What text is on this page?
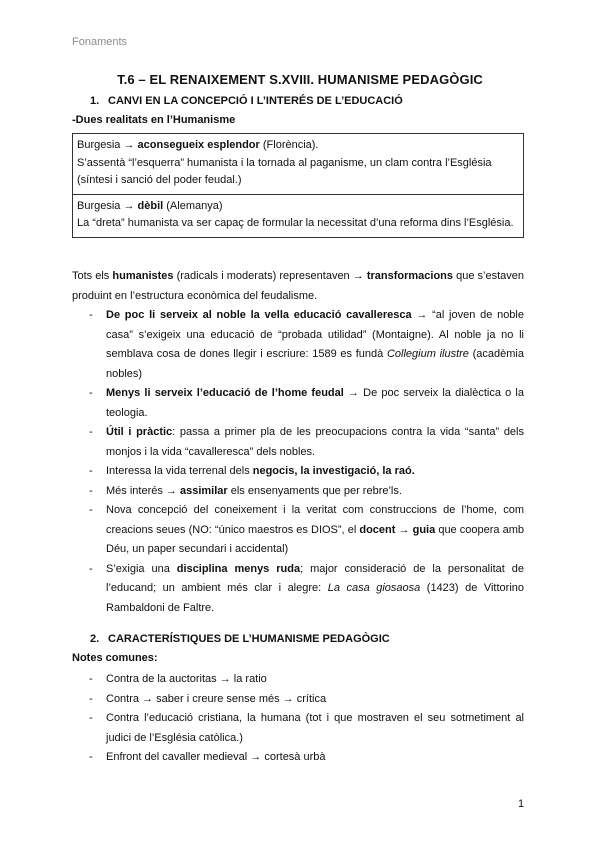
Fonaments
T.6 – EL RENAIXEMENT S.XVIII. HUMANISME PEDAGÒGIC
1. CANVI EN LA CONCEPCIÓ I L’INTERÉS DE L’EDUCACIÓ
-Dues realitats en l’Humanisme
Burgesia → aconsegueix esplendor (Florència).
S’assentà “l’esquerra” humanista i la tornada al paganisme, un clam contra l’Església (síntesi i sanció del poder feudal.)
Burgesia → dèbil (Alemanya)
La “dreta” humanista va ser capaç de formular la necessitat d’una reforma dins l’Església.
Tots els humanistes (radicals i moderats) representaven → transformacions que s’estaven produint en l’estructura econòmica del feudalisme.
- De poc li serveix al noble la vella educació cavalleresca → “al joven de noble casa” s’exigeix una educació de “probada utilidad” (Montaigne). Al noble ja no li semblava cosa de dones llegir i escriure: 1589 es fundà Collegium ilustre (acadèmia nobles)
- Menys li serveix l’educació de l’home feudal → De poc serveix la dialèctica o la teologia.
- Útil i pràctic: passa a primer pla de les preocupacions contra la vida “santa” dels monjos i la vida “cavalleresca” dels nobles.
- Interessa la vida terrenal dels negocis, la investigació, la raó.
- Més interés → assimilar els ensenyaments que per rebre’ls.
- Nova concepció del coneixement i la veritat com construccions de l’home, com creacions seues (NO: “único maestros es DIOS”, el docent → guia que coopera amb Déu, un paper secundari i accidental)
- S’exigia una disciplina menys ruda; major consideració de la personalitat de l’educand; un ambient més clar i alegre: La casa giosaosa (1423) de Vittorino Rambaldoni de Faltre.
2. CARACTERÍSTIQUES DE L’HUMANISME PEDAGÒGIC
Notes comunes:
- Contra de la auctoritas → la ratio
- Contra → saber i creure sense més → crítica
- Contra l’educació cristiana, la humana (tot i que mostraven el seu sotmetiment al judici de l’Església catòlica.)
- Enfront del cavaller medieval → cortesà urbà
1
